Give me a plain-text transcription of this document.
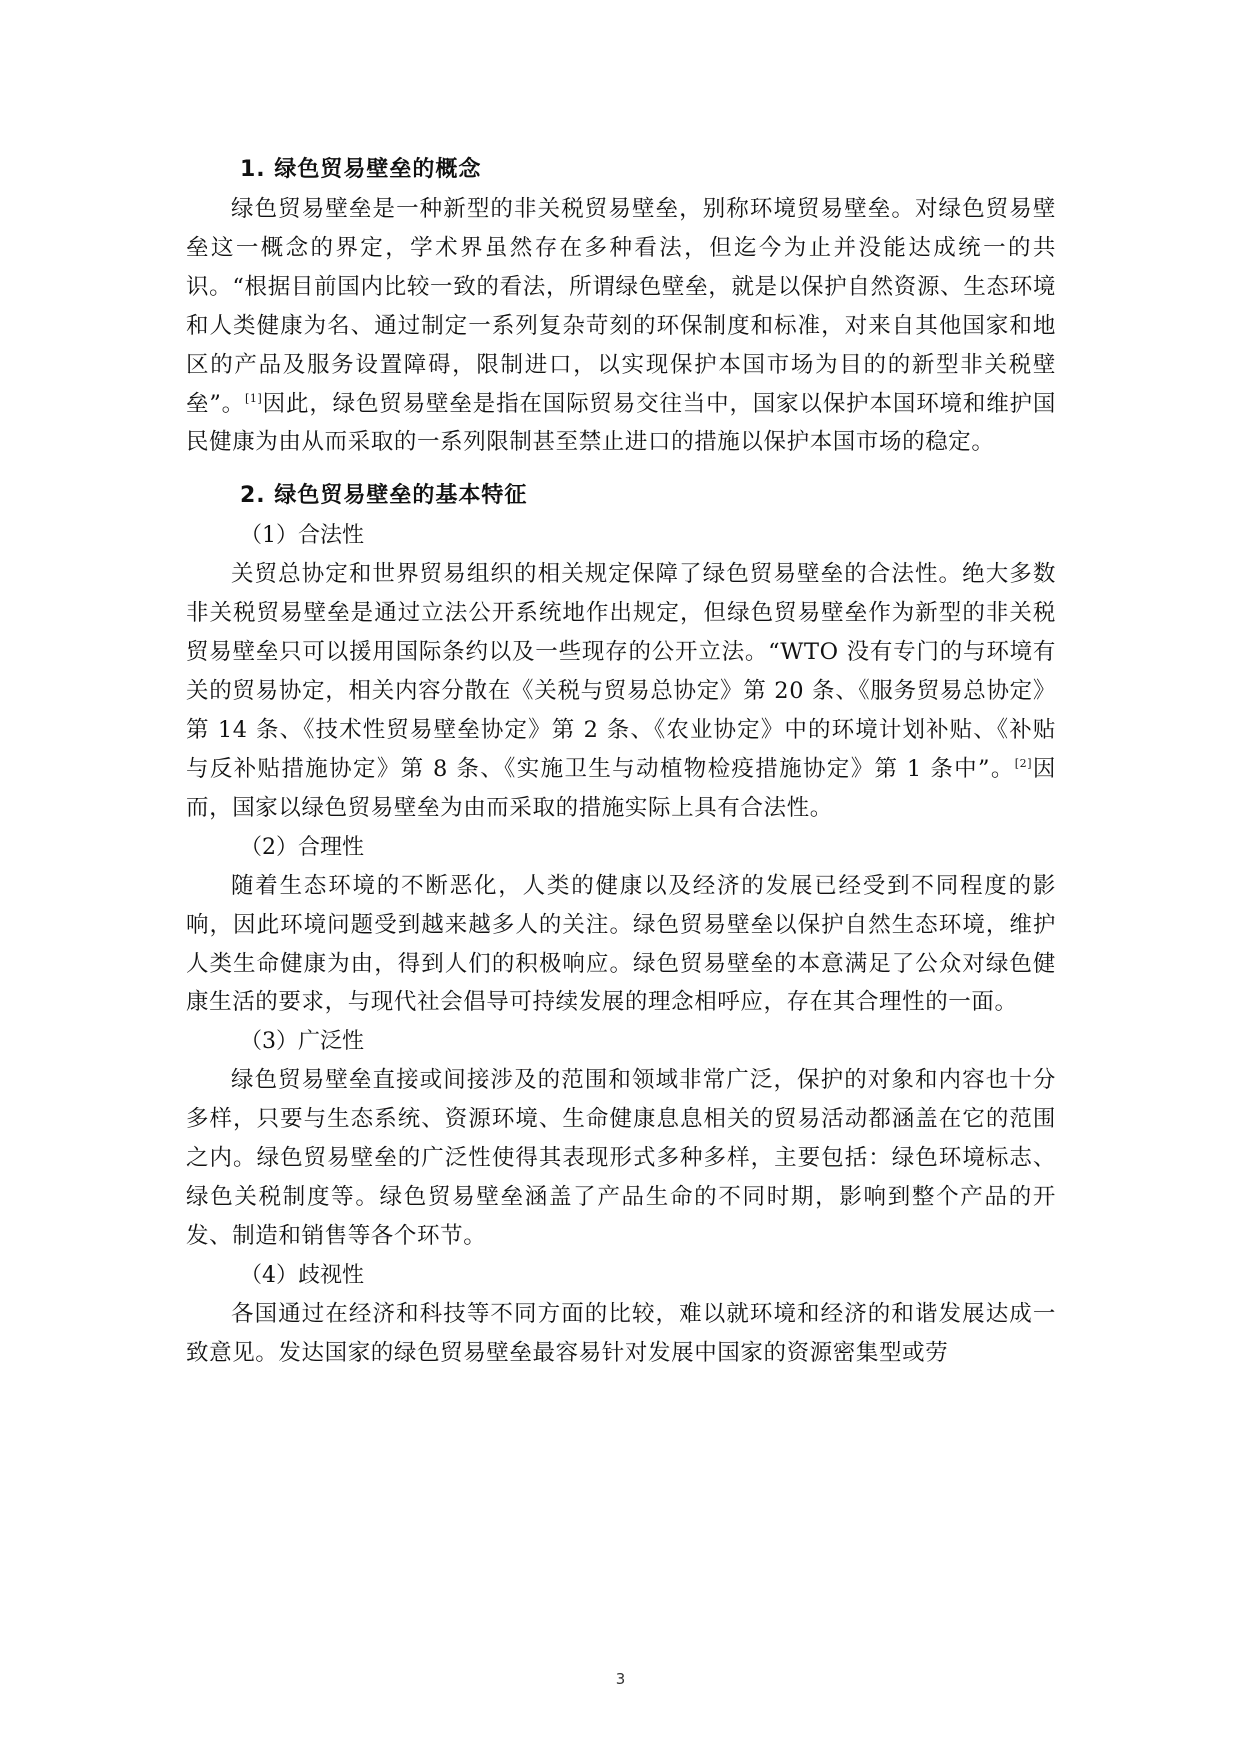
1. 绿色贸易壁垒的概念

绿色贸易壁垒是一种新型的非关税贸易壁垒，别称环境贸易壁垒。对绿色贸易壁垒这一概念的界定，学术界虽然存在多种看法，但迄今为止并没能达成统一的共识。“根据目前国内比较一致的看法，所谓绿色壁垒，就是以保护自然资源、生态环境和人类健康为名、通过制定一系列复杂苛刻的环保制度和标准，对来自其他国家和地区的产品及服务设置障碍，限制进口，以实现保护本国市场为目的的新型非关税壁垒”。[1]因此，绿色贸易壁垒是指在国际贸易交往当中，国家以保护本国环境和维护国民健康为由从而采取的一系列限制甚至禁止进口的措施以保护本国市场的稳定。

2. 绿色贸易壁垒的基本特征
（1）合法性

关贸总协定和世界贸易组织的相关规定保障了绿色贸易壁垒的合法性。绝大多数非关税贸易壁垒是通过立法公开系统地作出规定，但绿色贸易壁垒作为新型的非关税贸易壁垒只可以援用国际条约以及一些现存的公开立法。“WTO 没有专门的与环境有关的贸易协定，相关内容分散在《关税与贸易总协定》第 20 条、《服务贸易总协定》第 14 条、《技术性贸易壁垒协定》第 2 条、《农业协定》中的环境计划补贴、《补贴与反补贴措施协定》第 8 条、《实施卫生与动植物检疫措施协定》第 1 条中”。[2]因而，国家以绿色贸易壁垒为由而采取的措施实际上具有合法性。

（2）合理性

随着生态环境的不断恶化，人类的健康以及经济的发展已经受到不同程度的影响，因此环境问题受到越来越多人的关注。绿色贸易壁垒以保护自然生态环境，维护人类生命健康为由，得到人们的积极响应。绿色贸易壁垒的本意满足了公众对绿色健康生活的要求，与现代社会倡导可持续发展的理念相呼应，存在其合理性的一面。

（3）广泛性

绿色贸易壁垒直接或间接涉及的范围和领域非常广泛，保护的对象和内容也十分多样，只要与生态系统、资源环境、生命健康息息相关的贸易活动都涵盖在它的范围之内。绿色贸易壁垒的广泛性使得其表现形式多种多样，主要包括：绿色环境标志、绿色关税制度等。绿色贸易壁垒涵盖了产品生命的不同时期，影响到整个产品的开发、制造和销售等各个环节。

（4）歧视性

各国通过在经济和科技等不同方面的比较，难以就环境和经济的和谐发展达成一致意见。发达国家的绿色贸易壁垒最容易针对发展中国家的资源密集型或劳

3
